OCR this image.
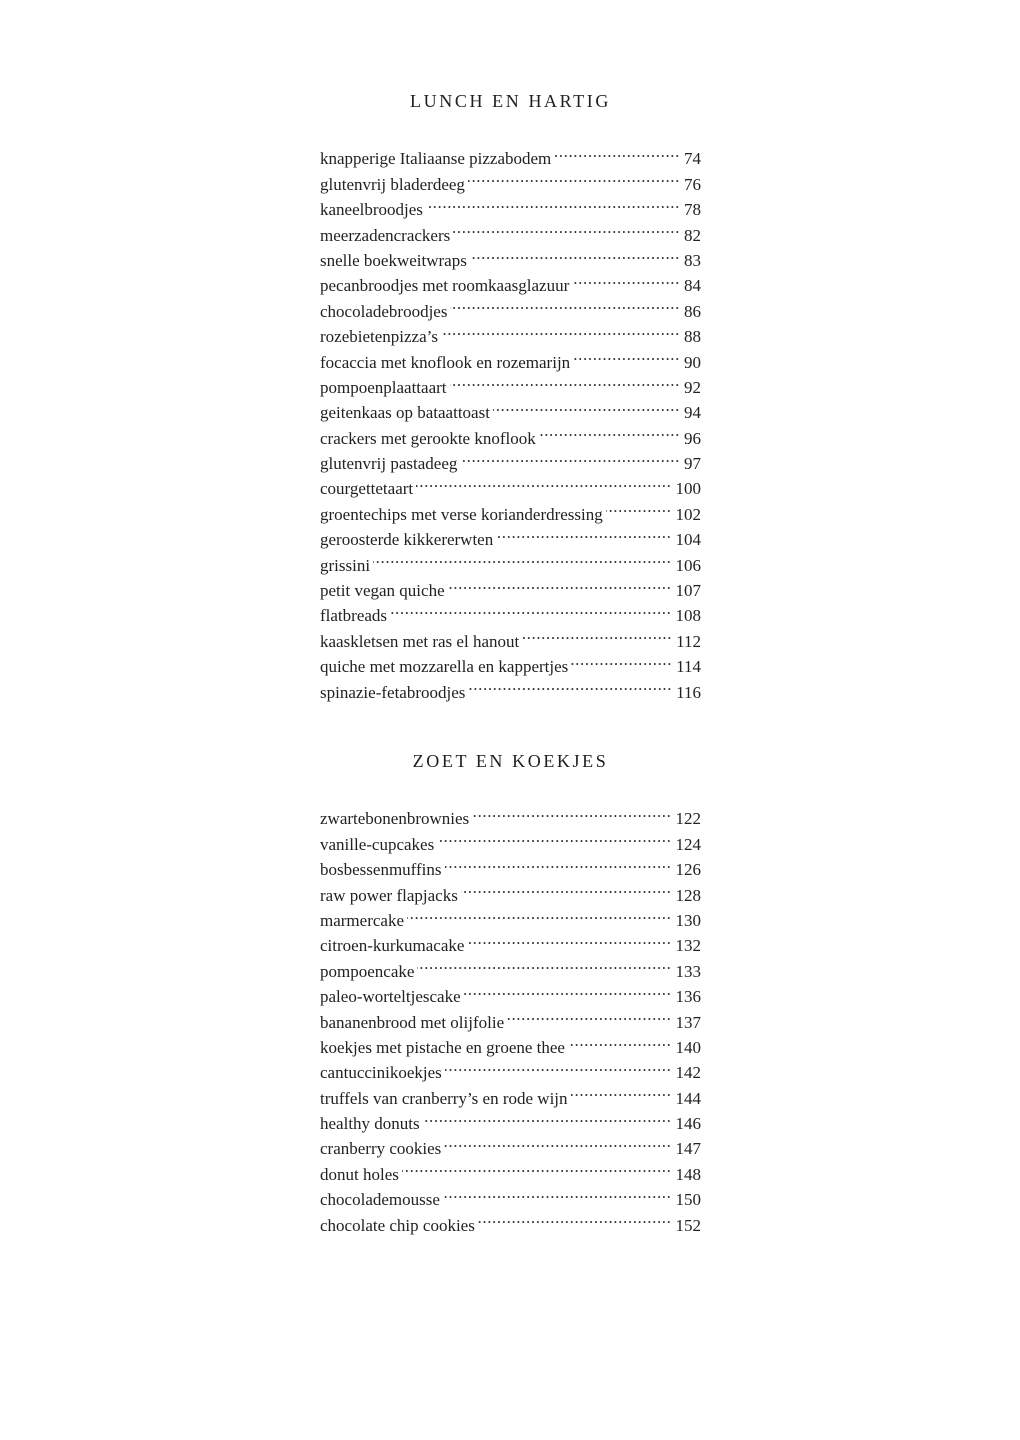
LUNCH EN HARTIG
knapperige Italiaanse pizzabodem .....	74
glutenvrij bladerdeeg .....	76
kaneelbroodjes .....	78
meerzadencrackers .....	82
snelle boekweitwraps .....	83
pecanbroodjes met roomkaasglazuur .....	84
chocoladebroodjes .....	86
rozebietenpizza’s .....	88
focaccia met knoflook en rozemarijn .....	90
pompoenplaattaart .....	92
geitenkaas op bataattoast .....	94
crackers met gerookte knoflook .....	96
glutenvrij pastadeeg .....	97
courgettetaart .....	100
groentechips met verse korianderdressing .....	102
geroosterde kikkererwten .....	104
grissini .....	106
petit vegan quiche .....	107
flatbreads .....	108
kaaskletsen met ras el hanout .....	112
quiche met mozzarella en kappertjes .....	114
spinazie-fetabroodjes .....	116
ZOET EN KOEKJES
zwartebonenbrownies .....	122
vanille-cupcakes .....	124
bosbessenmuffins .....	126
raw power flapjacks .....	128
marmercake .....	130
citroen-kurkumacake .....	132
pompoencake .....	133
paleo-worteltjescake .....	136
bananenbrood met olijfolie .....	137
koekjes met pistache en groene thee .....	140
cantuccinikoekjes .....	142
truffels van cranberry’s en rode wijn .....	144
healthy donuts .....	146
cranberry cookies .....	147
donut holes .....	148
chocolademousse .....	150
chocolate chip cookies .....	152
